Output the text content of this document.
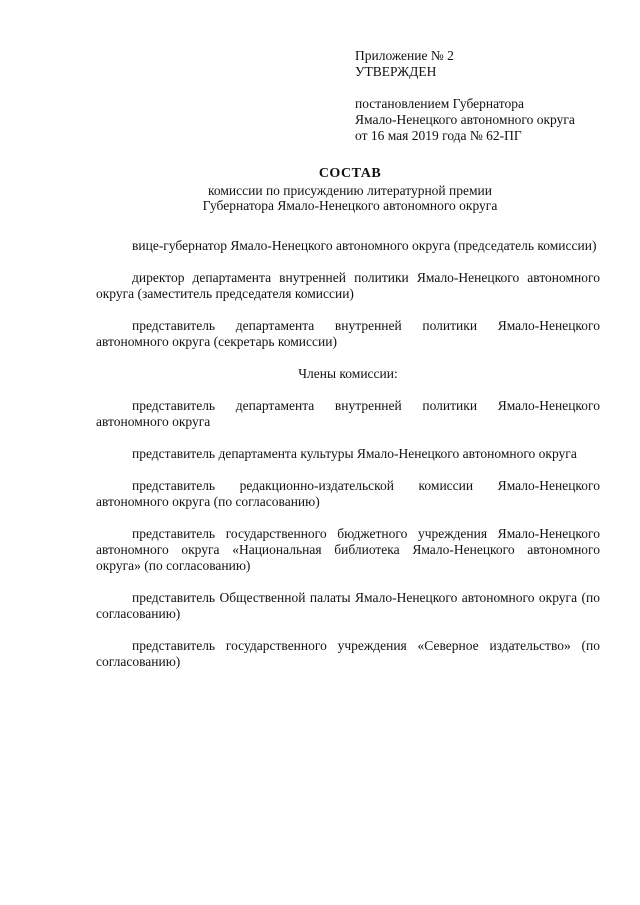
Приложение № 2
УТВЕРЖДЕН
постановлением Губернатора
Ямало-Ненецкого автономного округа
от 16 мая 2019 года № 62-ПГ
СОСТАВ
комиссии по присуждению литературной премии
Губернатора Ямало-Ненецкого автономного округа

вице-губернатор Ямало-Ненецкого автономного округа (председатель комиссии)

директор департамента внутренней политики Ямало-Ненецкого автономного округа (заместитель председателя комиссии)

представитель департамента внутренней политики Ямало-Ненецкого автономного округа (секретарь комиссии)

Члены комиссии:

представитель департамента внутренней политики Ямало-Ненецкого автономного округа

представитель департамента культуры Ямало-Ненецкого автономного округа

представитель редакционно-издательской комиссии Ямало-Ненецкого автономного округа (по согласованию)

представитель государственного бюджетного учреждения Ямало-Ненецкого автономного округа «Национальная библиотека Ямало-Ненецкого автономного округа» (по согласованию)

представитель Общественной палаты Ямало-Ненецкого автономного округа (по согласованию)

представитель государственного учреждения «Северное издательство» (по согласованию)
